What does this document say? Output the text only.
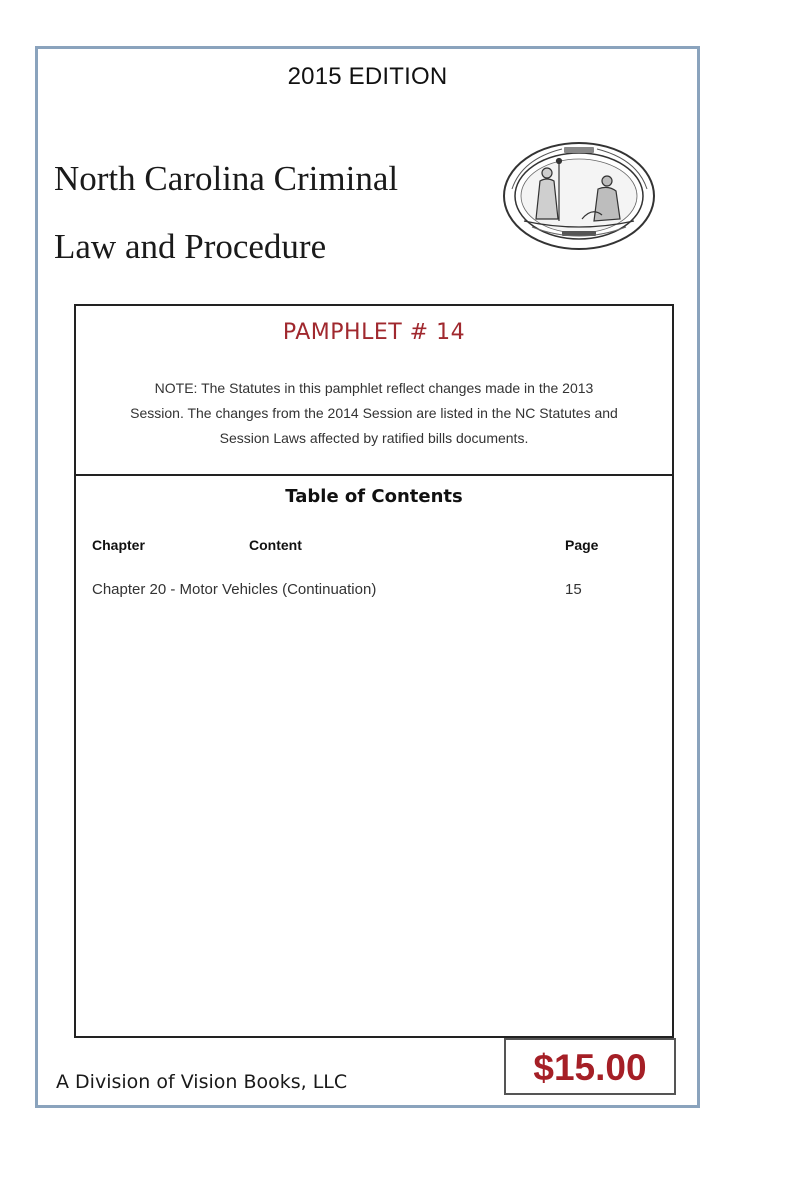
2015 EDITION
North Carolina Criminal
Law and Procedure
PAMPHLET # 14
NOTE: The Statutes in this pamphlet reflect changes made in the 2013
Session. The changes from the 2014 Session are listed in the NC Statutes and
Session Laws affected by ratified bills documents.
Table of Contents
Chapter	Content	Page
Chapter 20 - Motor Vehicles (Continuation)	15
A Division of Vision Books, LLC	$15.00
